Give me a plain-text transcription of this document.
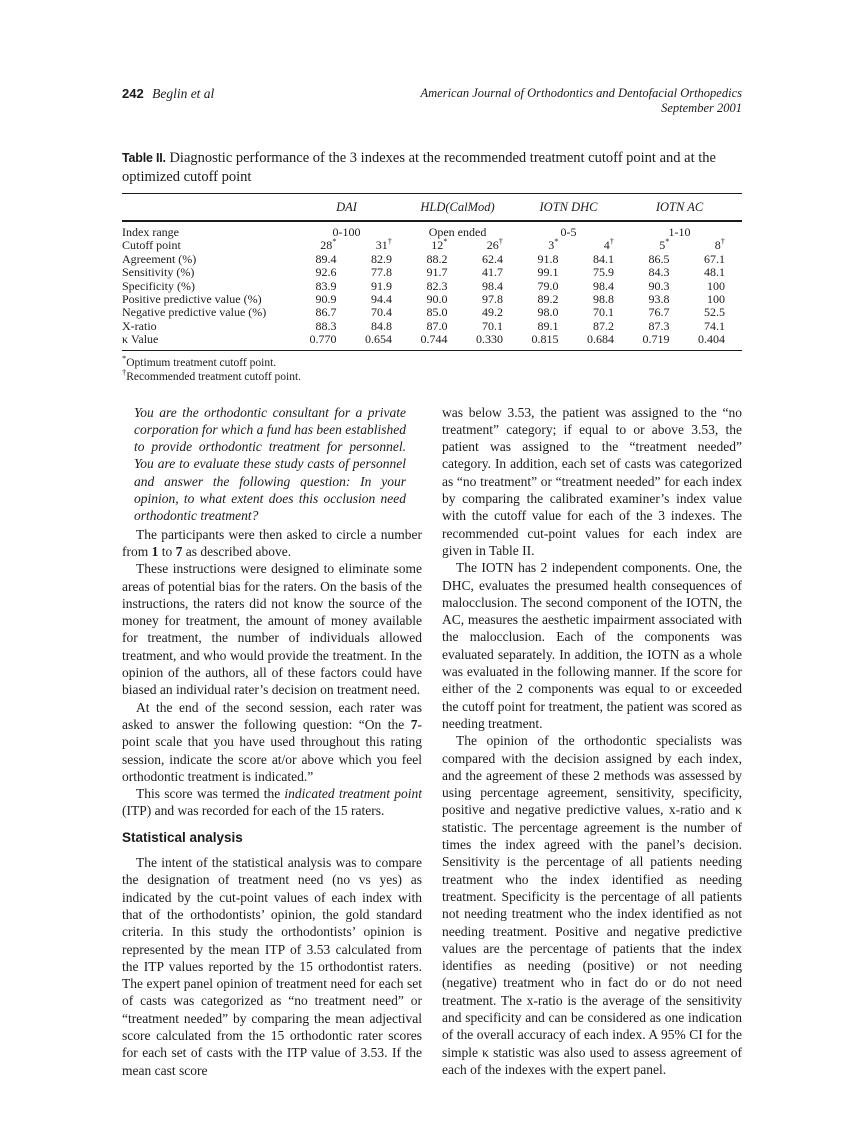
242 Beglin et al	American Journal of Orthodontics and Dentofacial Orthopedics
September 2001
Table II. Diagnostic performance of the 3 indexes at the recommended treatment cutoff point and at the optimized cutoff point
	DAI		HLD(CalMod)		IOTN DHC		IOTN AC	
Index range	0-100		Open ended		0-5		1-10	
Cutoff point	28*	31†	12*	26†	3*	4†	5*	8†
Agreement (%)	89.4	82.9	88.2	62.4	91.8	84.1	86.5	67.1
Sensitivity (%)	92.6	77.8	91.7	41.7	99.1	75.9	84.3	48.1
Specificity (%)	83.9	91.9	82.3	98.4	79.0	98.4	90.3	100
Positive predictive value (%)	90.9	94.4	90.0	97.8	89.2	98.8	93.8	100
Negative predictive value (%)	86.7	70.4	85.0	49.2	98.0	70.1	76.7	52.5
X-ratio	88.3	84.8	87.0	70.1	89.1	87.2	87.3	74.1
κ Value	0.770	0.654	0.744	0.330	0.815	0.684	0.719	0.404
*Optimum treatment cutoff point.
†Recommended treatment cutoff point.
You are the orthodontic consultant for a private corporation for which a fund has been established to provide orthodontic treatment for personnel. You are to evaluate these study casts of personnel and answer the following question: In your opinion, to what extent does this occlusion need orthodontic treatment?

The participants were then asked to circle a number from 1 to 7 as described above.

These instructions were designed to eliminate some areas of potential bias for the raters. On the basis of the instructions, the raters did not know the source of the money for treatment, the amount of money available for treatment, the number of individuals allowed treatment, and who would provide the treatment. In the opinion of the authors, all of these factors could have biased an individual rater’s decision on treatment need.

At the end of the second session, each rater was asked to answer the following question: “On the 7-point scale that you have used throughout this rating session, indicate the score at/or above which you feel orthodontic treatment is indicated.”

This score was termed the indicated treatment point (ITP) and was recorded for each of the 15 raters.

Statistical analysis

The intent of the statistical analysis was to compare the designation of treatment need (no vs yes) as indicated by the cut-point values of each index with that of the orthodontists’ opinion, the gold standard criteria. In this study the orthodontists’ opinion is represented by the mean ITP of 3.53 calculated from the ITP values reported by the 15 orthodontist raters. The expert panel opinion of treatment need for each set of casts was categorized as “no treatment need” or “treatment needed” by comparing the mean adjectival score calculated from the 15 orthodontic rater scores for each set of casts with the ITP value of 3.53. If the mean cast score

was below 3.53, the patient was assigned to the “no treatment” category; if equal to or above 3.53, the patient was assigned to the “treatment needed” category. In addition, each set of casts was categorized as “no treatment” or “treatment needed” for each index by comparing the calibrated examiner’s index value with the cutoff value for each of the 3 indexes. The recommended cut-point values for each index are given in Table II.

The IOTN has 2 independent components. One, the DHC, evaluates the presumed health consequences of malocclusion. The second component of the IOTN, the AC, measures the aesthetic impairment associated with the malocclusion. Each of the components was evaluated separately. In addition, the IOTN as a whole was evaluated in the following manner. If the score for either of the 2 components was equal to or exceeded the cutoff point for treatment, the patient was scored as needing treatment.

The opinion of the orthodontic specialists was compared with the decision assigned by each index, and the agreement of these 2 methods was assessed by using percentage agreement, sensitivity, specificity, positive and negative predictive values, x-ratio and κ statistic. The percentage agreement is the number of times the index agreed with the panel’s decision. Sensitivity is the percentage of all patients needing treatment who the index identified as needing treatment. Specificity is the percentage of all patients not needing treatment who the index identified as not needing treatment. Positive and negative predictive values are the percentage of patients that the index identifies as needing (positive) or not needing (negative) treatment who in fact do or do not need treatment. The x-ratio is the average of the sensitivity and specificity and can be considered as one indication of the overall accuracy of each index. A 95% CI for the simple κ statistic was also used to assess agreement of each of the indexes with the expert panel.
